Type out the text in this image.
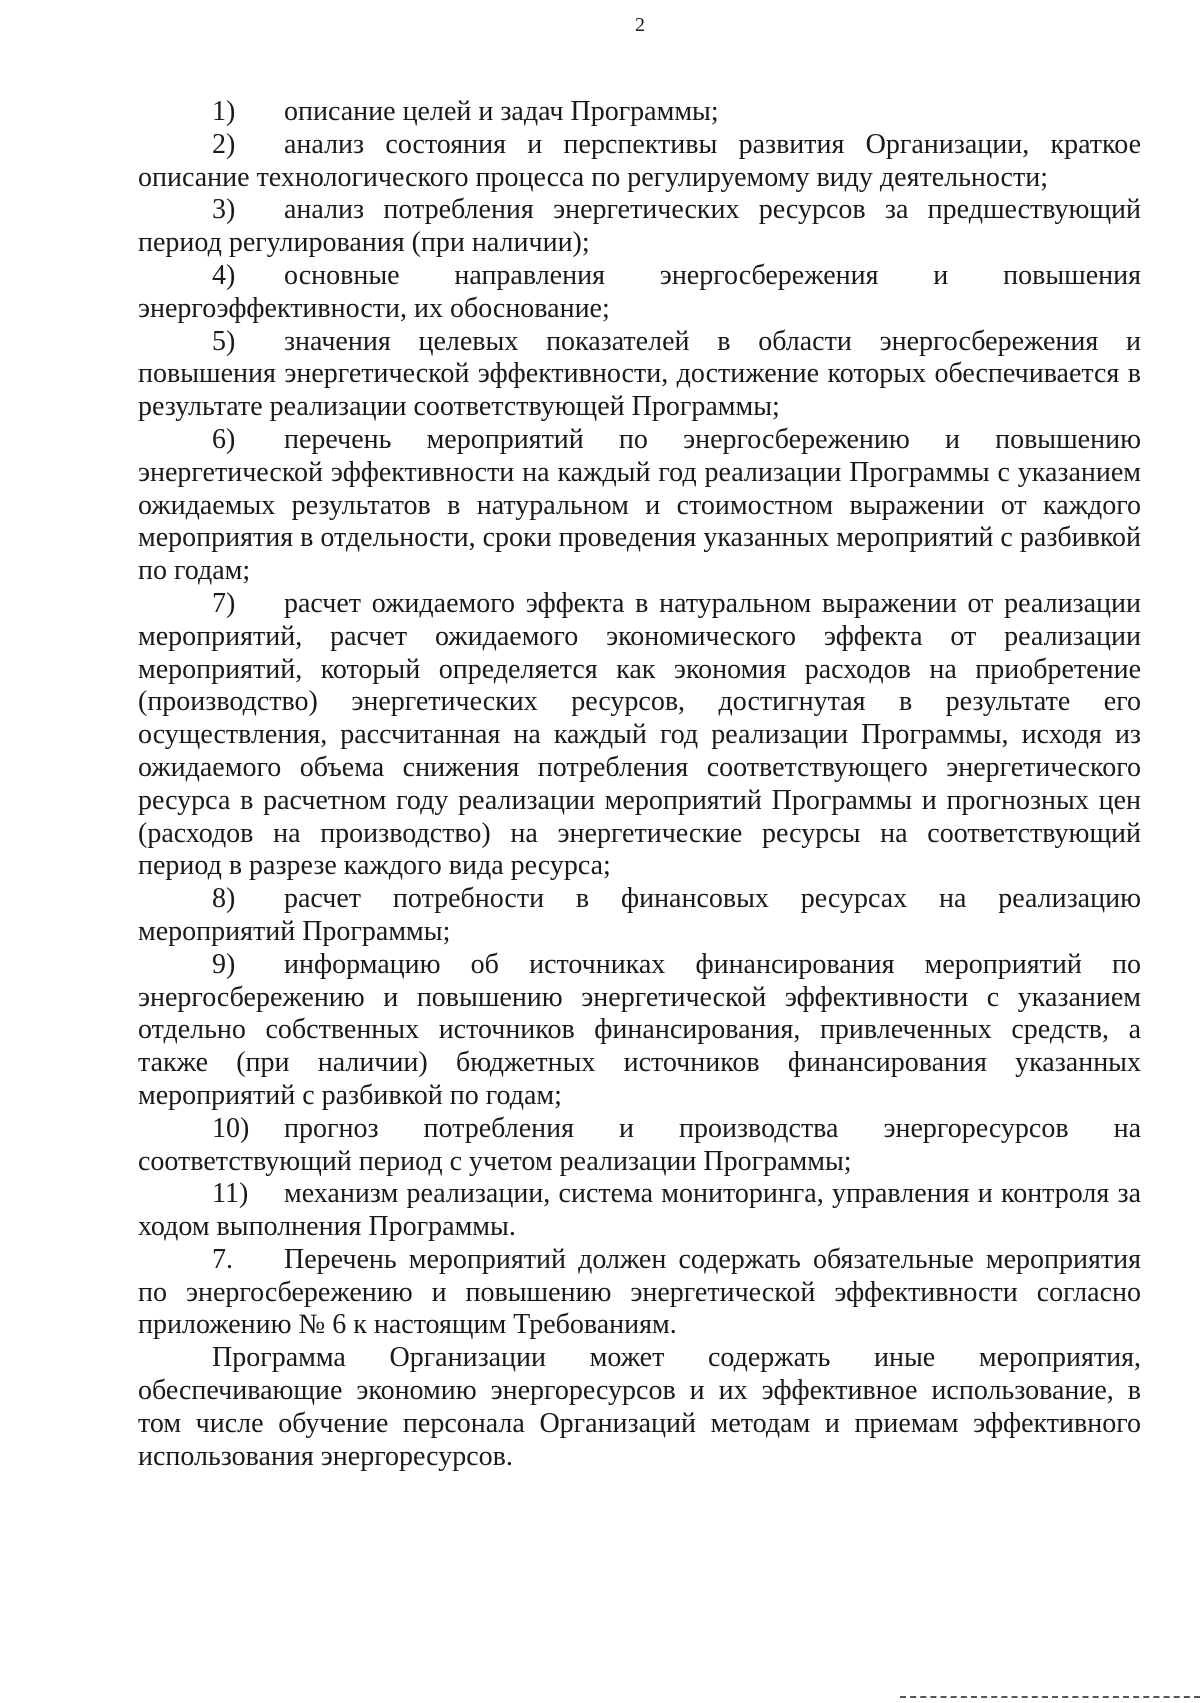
2

1) описание целей и задач Программы;

2) анализ состояния и перспективы развития Организации, краткое описание технологического процесса по регулируемому виду деятельности;

3) анализ потребления энергетических ресурсов за предшествующий период регулирования (при наличии);

4) основные направления энергосбережения и повышения энергоэффективности, их обоснование;

5) значения целевых показателей в области энергосбережения и повышения энергетической эффективности, достижение которых обеспечивается в результате реализации соответствующей Программы;

6) перечень мероприятий по энергосбережению и повышению энергетической эффективности на каждый год реализации Программы с указанием ожидаемых результатов в натуральном и стоимостном выражении от каждого мероприятия в отдельности, сроки проведения указанных мероприятий с разбивкой по годам;

7) расчет ожидаемого эффекта в натуральном выражении от реализации мероприятий, расчет ожидаемого экономического эффекта от реализации мероприятий, который определяется как экономия расходов на приобретение (производство) энергетических ресурсов, достигнутая в результате его осуществления, рассчитанная на каждый год реализации Программы, исходя из ожидаемого объема снижения потребления соответствующего энергетического ресурса в расчетном году реализации мероприятий Программы и прогнозных цен (расходов на производство) на энергетические ресурсы на соответствующий период в разрезе каждого вида ресурса;

8) расчет потребности в финансовых ресурсах на реализацию мероприятий Программы;

9) информацию об источниках финансирования мероприятий по энергосбережению и повышению энергетической эффективности с указанием отдельно собственных источников финансирования, привлеченных средств, а также (при наличии) бюджетных источников финансирования указанных мероприятий с разбивкой по годам;

10) прогноз потребления и производства энергоресурсов на соответствующий период с учетом реализации Программы;

11) механизм реализации, система мониторинга, управления и контроля за ходом выполнения Программы.

7. Перечень мероприятий должен содержать обязательные мероприятия по энергосбережению и повышению энергетической эффективности согласно приложению № 6 к настоящим Требованиям.

Программа Организации может содержать иные мероприятия, обеспечивающие экономию энергоресурсов и их эффективное использование, в том числе обучение персонала Организаций методам и приемам эффективного использования энергоресурсов.
